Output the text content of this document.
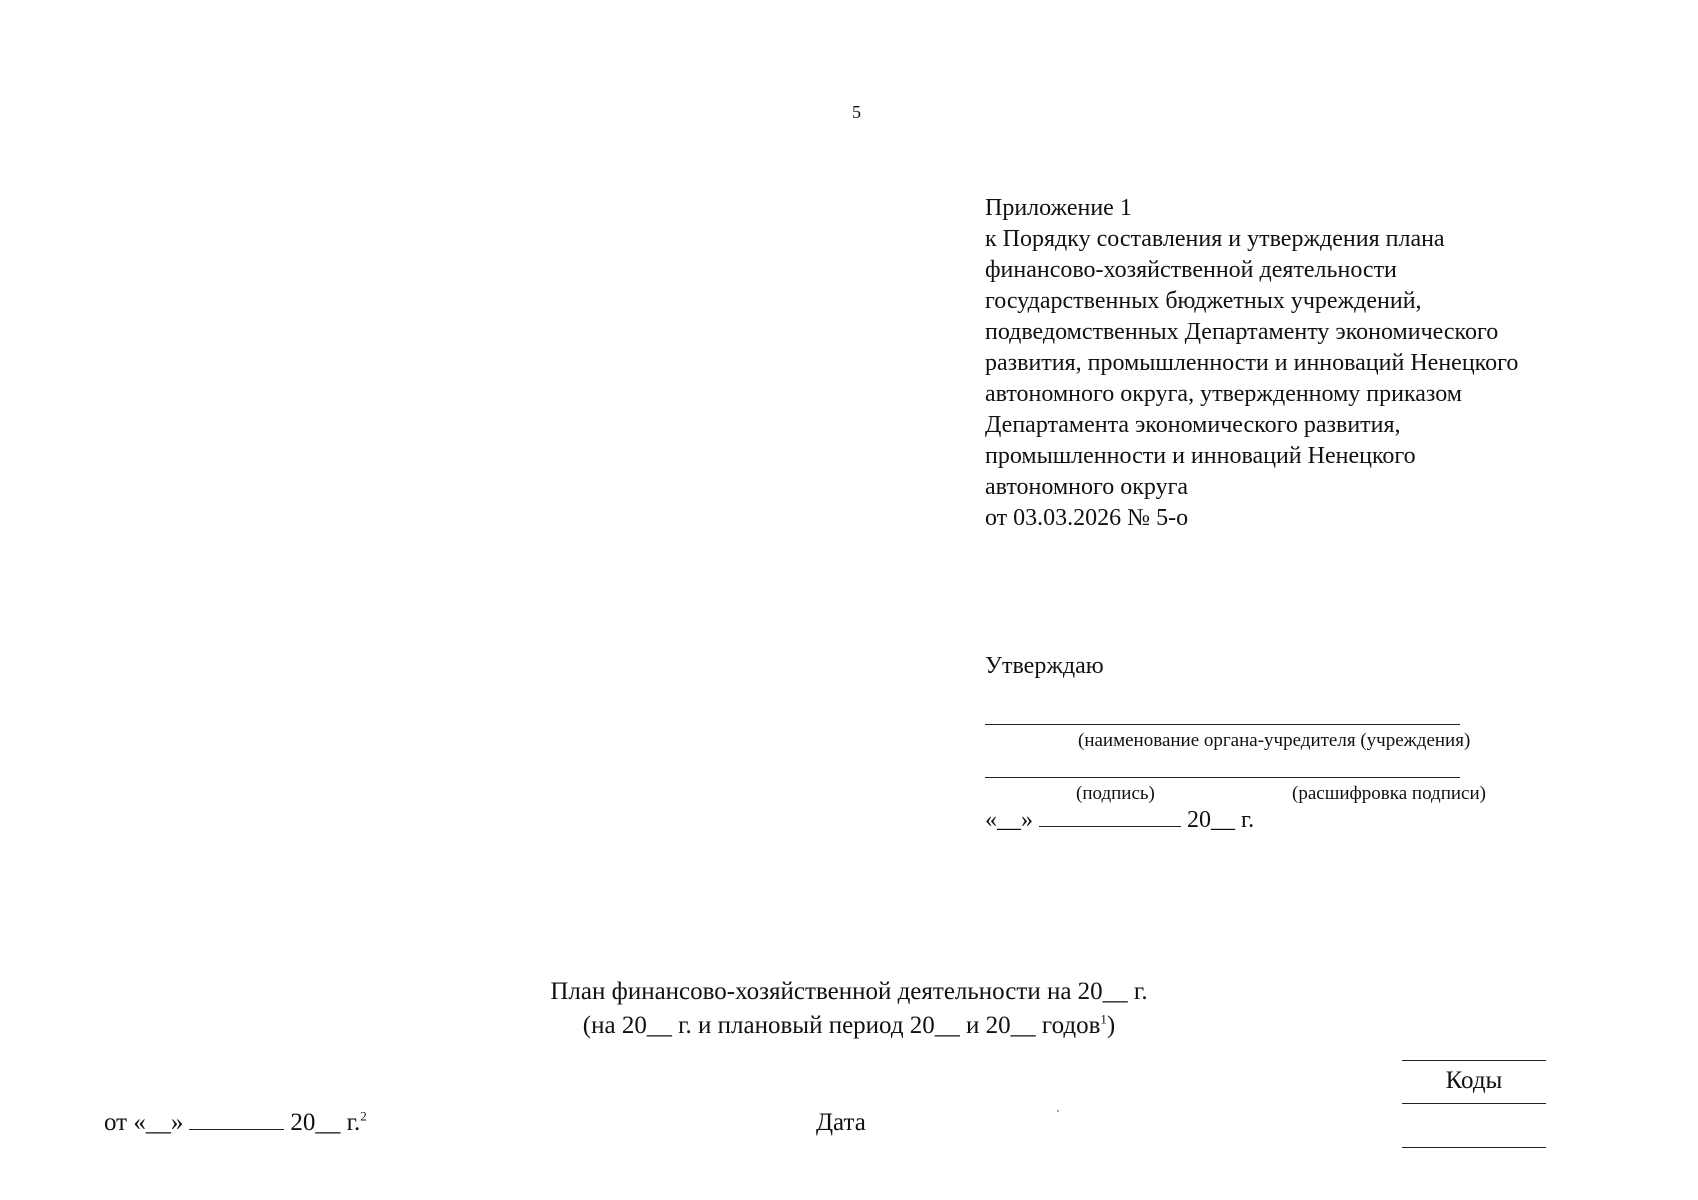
5
Приложение 1
к Порядку составления и утверждения плана
финансово-хозяйственной деятельности
государственных бюджетных учреждений,
подведомственных Департаменту экономического
развития, промышленности и инноваций Ненецкого
автономного округа, утвержденному приказом
Департамента экономического развития,
промышленности и инноваций Ненецкого
автономного округа
от 03.03.2026 № 5-о
Утверждаю
(наименование органа-учредителя (учреждения)
(подпись)	(расшифровка подписи)
«__»	20__ г.
План финансово-хозяйственной деятельности на 20__ г.
(на 20__ г. и плановый период 20__ и 20__ годов$^1$)
Коды
от «__»	20__ г.$^2$	Дата
